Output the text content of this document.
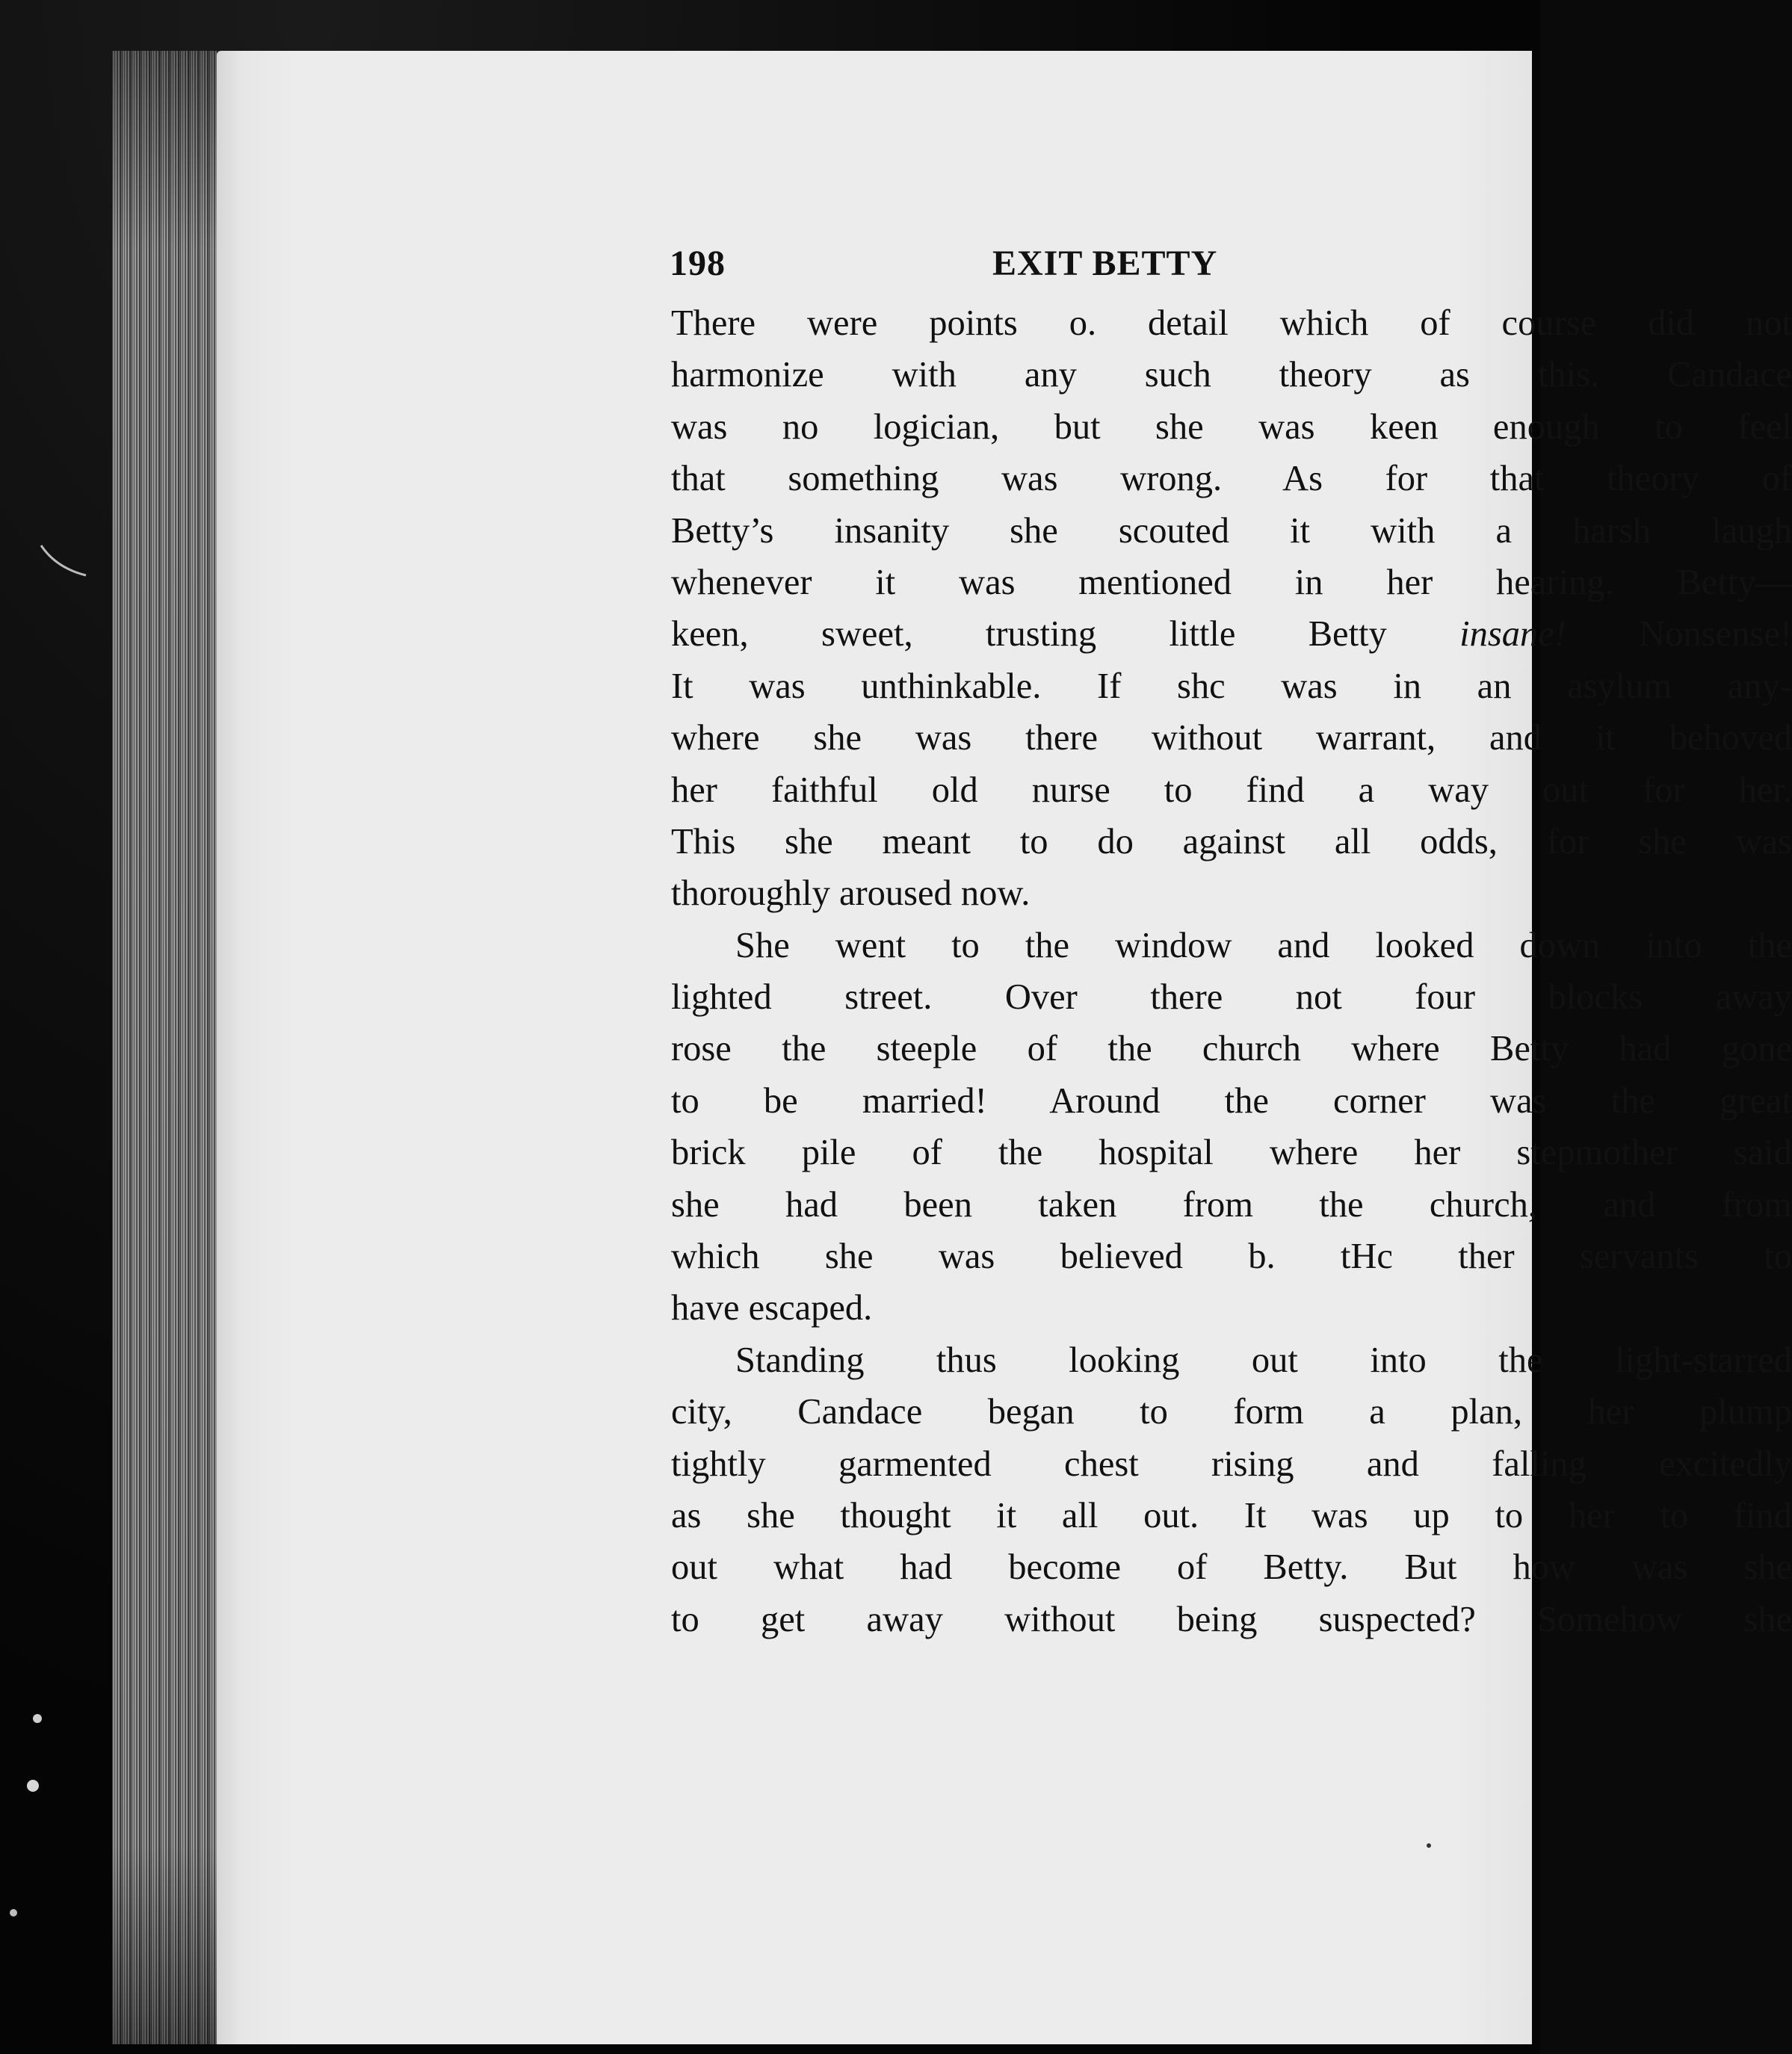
198	EXIT BETTY
There were points o. detail which of course did not
harmonize with any such theory as this. Candace
was no logician, but she was keen enough to feel
that something was wrong. As for that theory of
Betty’s insanity she scouted it with a harsh laugh
whenever it was mentioned in her hearing. Betty—
keen, sweet, trusting little Betty insane! Nonsense!
It was unthinkable. If shc was in an asylum any-
where she was there without warrant, and it behoved
her faithful old nurse to find a way out for her.
This she meant to do against all odds, for she was
thoroughly aroused now.
She went to the window and looked down into the
lighted street. Over there not four blocks away
rose the steeple of the church where Betty had gone
to be married! Around the corner was the great
brick pile of the hospital where her stepmother said
she had been taken from the church, and from
which she was believed b. tHc ther servants to
have escaped.
Standing thus looking out into the light-starred
city, Candace began to form a plan, her plump
tightly garmented chest rising and falling excitedly
as she thought it all out. It was up to her to find
out what had become of Betty. But how was she
to get away without being suspected? Somehow she
